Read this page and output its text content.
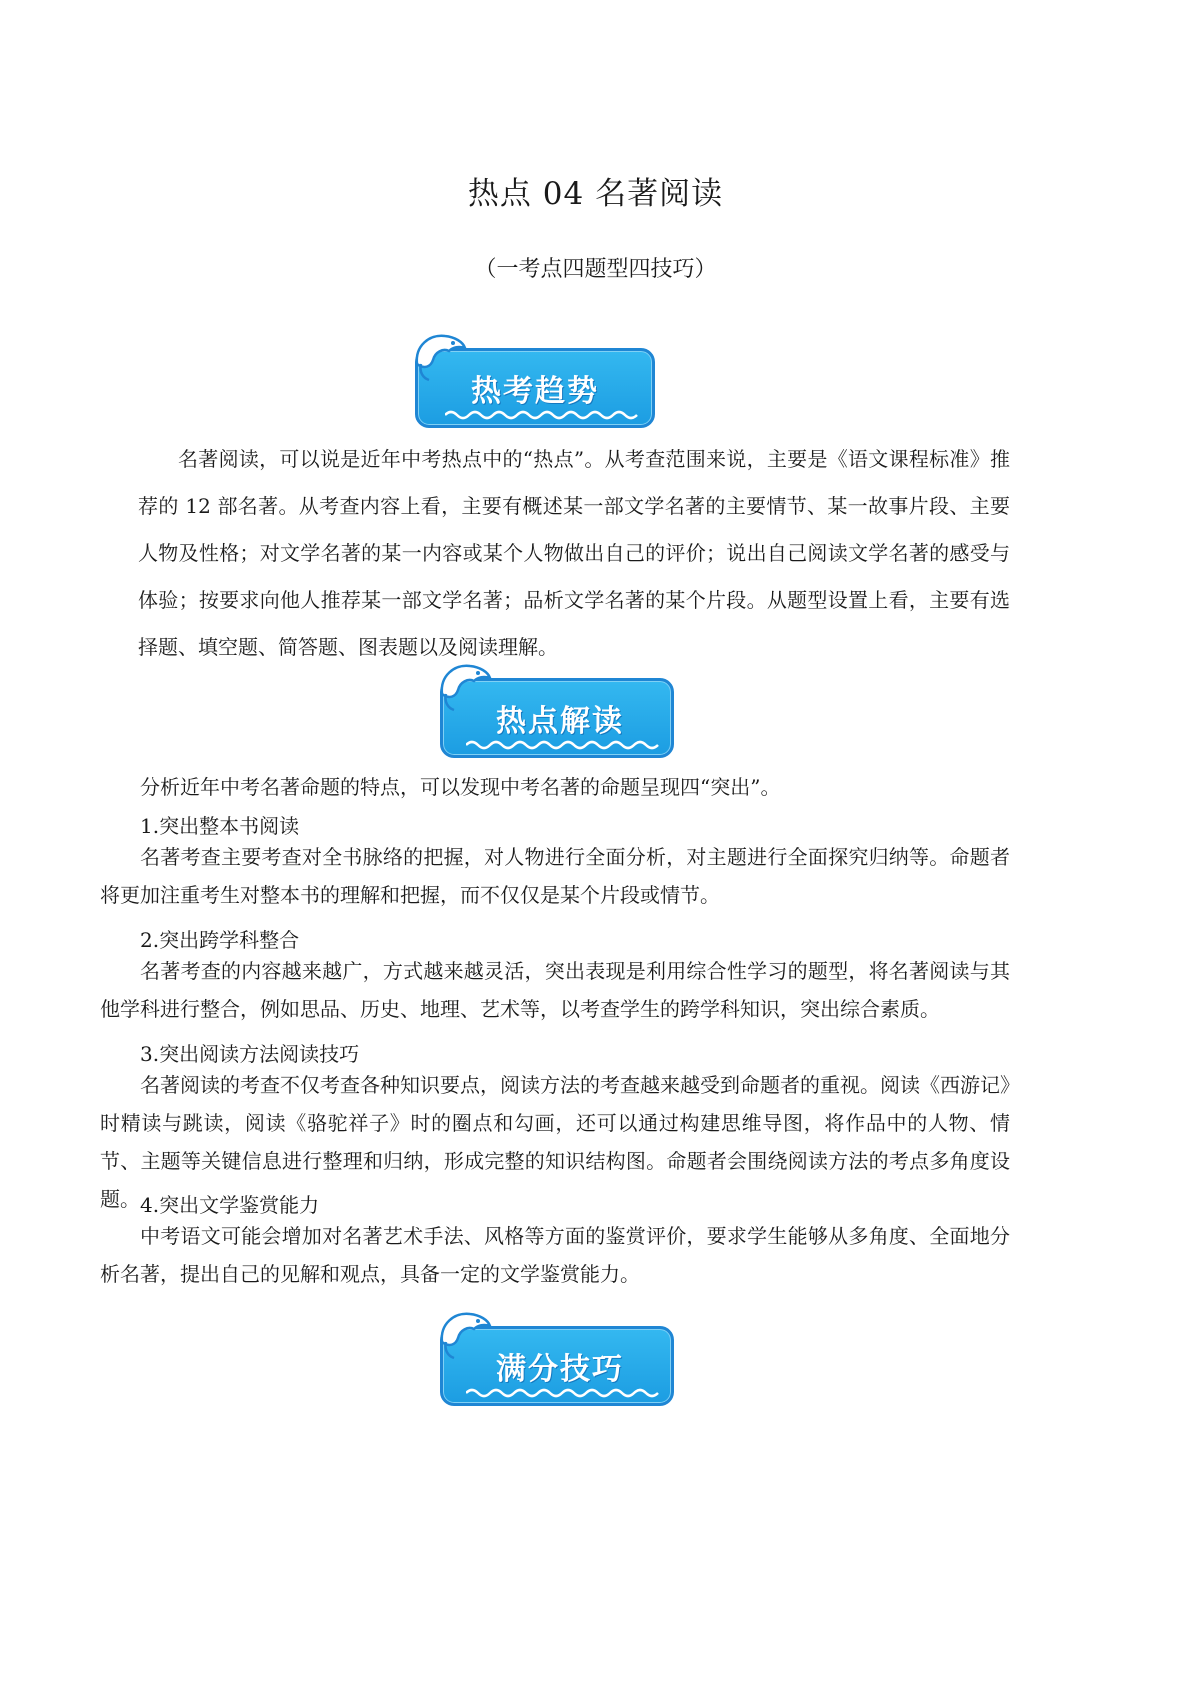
热点 04 名著阅读
（一考点四题型四技巧）
热考趋势
名著阅读，可以说是近年中考热点中的“热点”。从考查范围来说，主要是《语文课程标准》推荐的 12 部名著。从考查内容上看，主要有概述某一部文学名著的主要情节、某一故事片段、主要人物及性格；对文学名著的某一内容或某个人物做出自己的评价；说出自己阅读文学名著的感受与体验；按要求向他人推荐某一部文学名著；品析文学名著的某个片段。从题型设置上看，主要有选择题、填空题、简答题、图表题以及阅读理解。
热点解读
分析近年中考名著命题的特点，可以发现中考名著的命题呈现四“突出”。
1.突出整本书阅读
名著考查主要考查对全书脉络的把握，对人物进行全面分析，对主题进行全面探究归纳等。命题者将更加注重考生对整本书的理解和把握，而不仅仅是某个片段或情节。
2.突出跨学科整合
名著考查的内容越来越广，方式越来越灵活，突出表现是利用综合性学习的题型，将名著阅读与其他学科进行整合，例如思品、历史、地理、艺术等，以考查学生的跨学科知识，突出综合素质。
3.突出阅读方法阅读技巧
名著阅读的考查不仅考查各种知识要点，阅读方法的考查越来越受到命题者的重视。阅读《西游记》时精读与跳读，阅读《骆驼祥子》时的圈点和勾画，还可以通过构建思维导图，将作品中的人物、情节、主题等关键信息进行整理和归纳，形成完整的知识结构图。命题者会围绕阅读方法的考点多角度设题。 4.突出文学鉴赏能力
中考语文可能会增加对名著艺术手法、风格等方面的鉴赏评价，要求学生能够从多角度、全面地分析名著，提出自己的见解和观点，具备一定的文学鉴赏能力。
满分技巧
